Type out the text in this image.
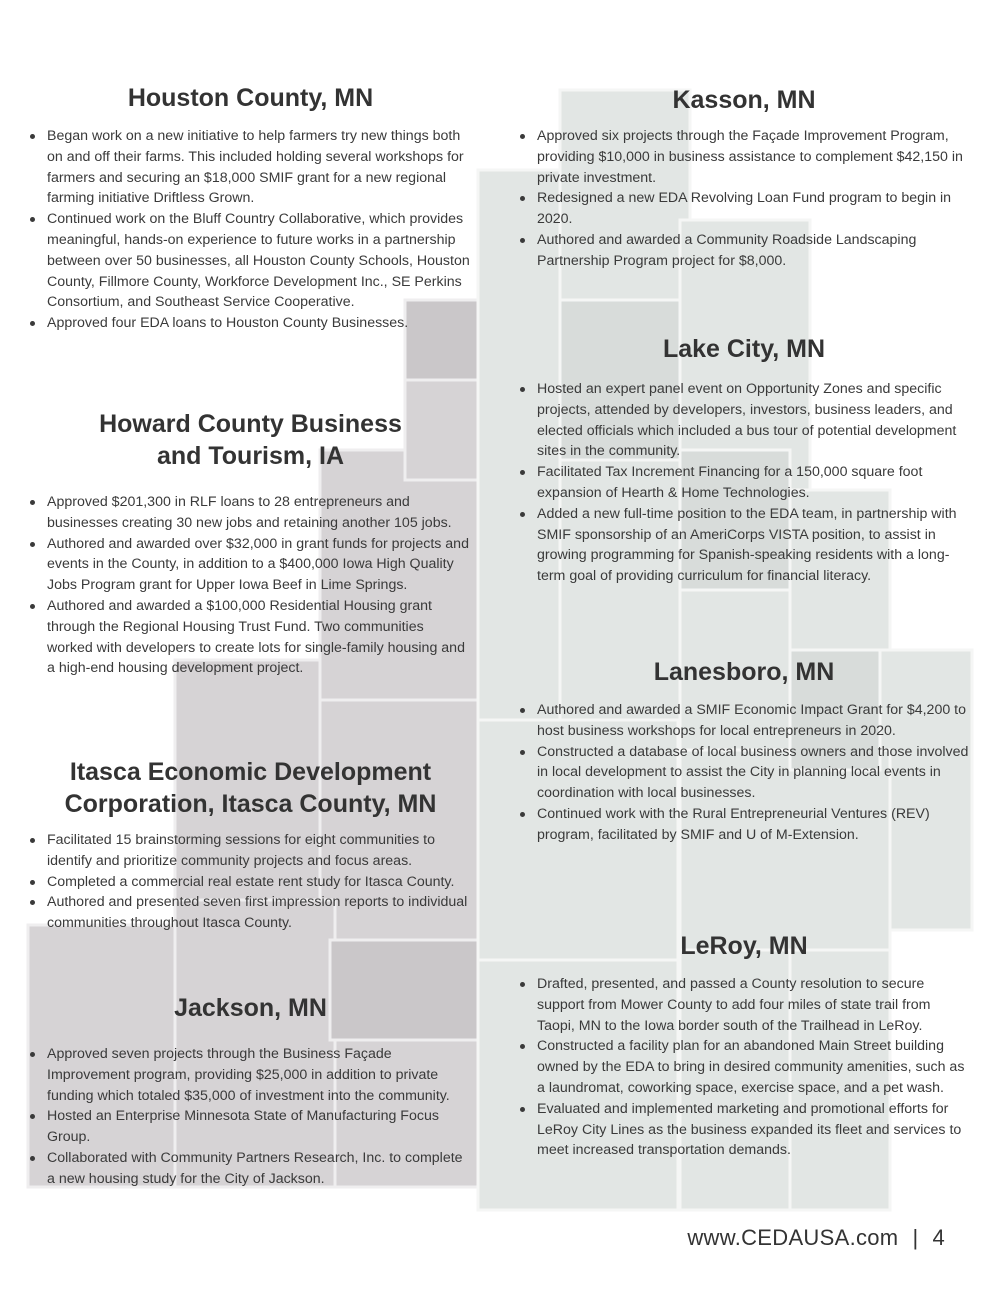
Houston County, MN
Began work on a new initiative to help farmers try new things both on and off their farms. This included holding several workshops for farmers and securing an $18,000 SMIF grant for a new regional farming initiative Driftless Grown.
Continued work on the Bluff Country Collaborative, which provides meaningful, hands-on experience to future works in a partnership between over 50 businesses, all Houston County Schools, Houston County, Fillmore County, Workforce Development Inc., SE Perkins Consortium, and Southeast Service Cooperative.
Approved four EDA loans to Houston County Businesses.
Howard County Business and Tourism, IA
Approved $201,300 in RLF loans to 28 entrepreneurs and businesses creating 30 new jobs and retaining another 105 jobs.
Authored and awarded over $32,000 in grant funds for projects and events in the County, in addition to a $400,000 Iowa High Quality Jobs Program grant for Upper Iowa Beef in Lime Springs.
Authored and awarded a $100,000 Residential Housing grant through the Regional Housing Trust Fund. Two communities worked with developers to create lots for single-family housing and a high-end housing development project.
Itasca Economic Development Corporation, Itasca County, MN
Facilitated 15 brainstorming sessions for eight communities to identify and prioritize community projects and focus areas.
Completed a commercial real estate rent study for Itasca County.
Authored and presented seven first impression reports to individual communities throughout Itasca County.
Jackson, MN
Approved seven projects through the Business Façade Improvement program, providing $25,000 in addition to private funding which totaled $35,000 of investment into the community.
Hosted an Enterprise Minnesota State of Manufacturing Focus Group.
Collaborated with Community Partners Research, Inc. to complete a new housing study for the City of Jackson.
Kasson, MN
Approved six projects through the Façade Improvement Program, providing $10,000 in business assistance to complement $42,150 in private investment.
Redesigned a new EDA Revolving Loan Fund program to begin in 2020.
Authored and awarded a Community Roadside Landscaping Partnership Program project for $8,000.
Lake City, MN
Hosted an expert panel event on Opportunity Zones and specific projects, attended by developers, investors, business leaders, and elected officials which included a bus tour of potential development sites in the community.
Facilitated Tax Increment Financing for a 150,000 square foot expansion of Hearth & Home Technologies.
Added a new full-time position to the EDA team, in partnership with SMIF sponsorship of an AmeriCorps VISTA position, to assist in growing programming for Spanish-speaking residents with a long-term goal of providing curriculum for financial literacy.
Lanesboro, MN
Authored and awarded a SMIF Economic Impact Grant for $4,200 to host business workshops for local entrepreneurs in 2020.
Constructed a database of local business owners and those involved in local development to assist the City in planning local events in coordination with local businesses.
Continued work with the Rural Entrepreneurial Ventures (REV) program, facilitated by SMIF and U of M-Extension.
LeRoy, MN
Drafted, presented, and passed a County resolution to secure support from Mower County to add four miles of state trail from Taopi, MN to the Iowa border south of the Trailhead in LeRoy.
Constructed a facility plan for an abandoned Main Street building owned by the EDA to bring in desired community amenities, such as a laundromat, coworking space, exercise space, and a pet wash.
Evaluated and implemented marketing and promotional efforts for LeRoy City Lines as the business expanded its fleet and services to meet increased transportation demands.
www.CEDAUSA.com | 4
